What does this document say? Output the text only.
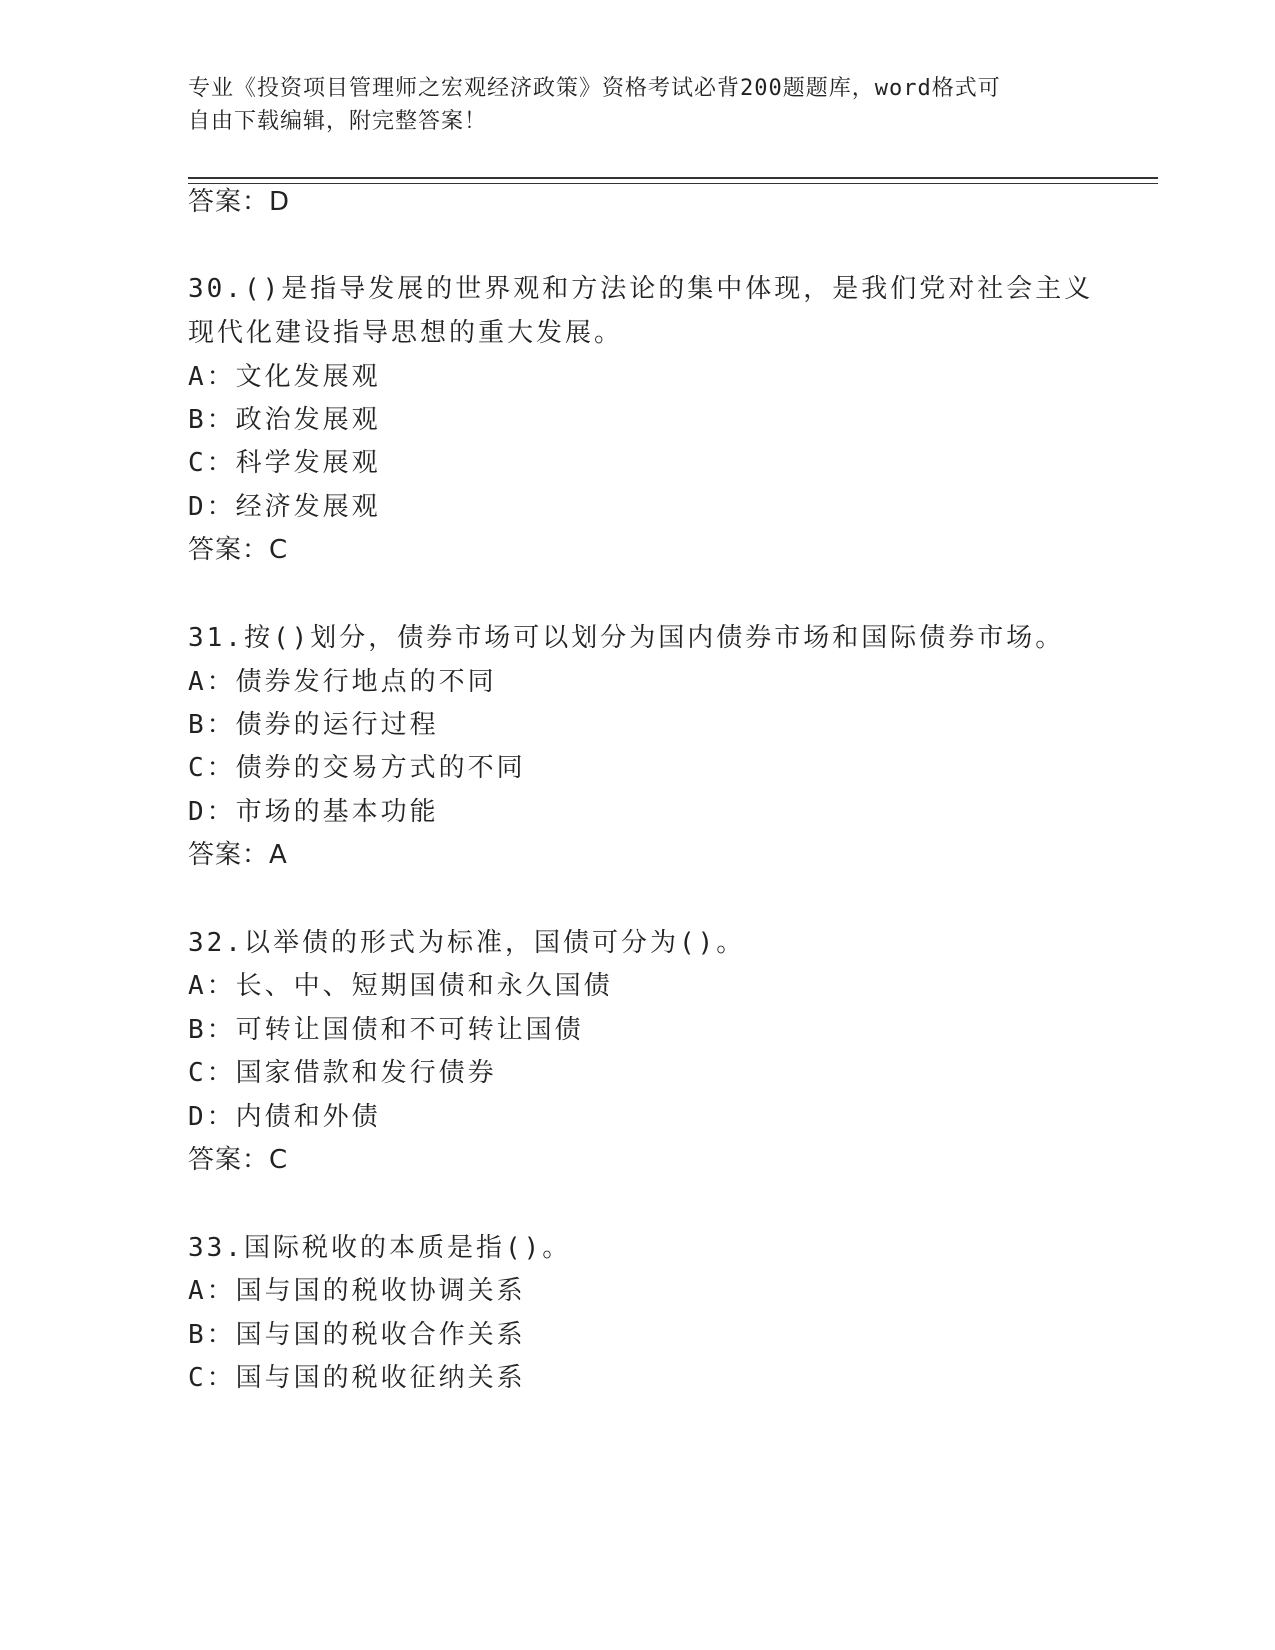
专业《投资项目管理师之宏观经济政策》资格考试必背200题题库，word格式可
自由下载编辑，附完整答案！
答案：D
30.()是指导发展的世界观和方法论的集中体现，是我们党对社会主义
现代化建设指导思想的重大发展。
A：文化发展观
B：政治发展观
C：科学发展观
D：经济发展观
答案：C
31.按()划分，债券市场可以划分为国内债券市场和国际债券市场。
A：债券发行地点的不同
B：债券的运行过程
C：债券的交易方式的不同
D：市场的基本功能
答案：A
32.以举债的形式为标准，国债可分为()。
A：长、中、短期国债和永久国债
B：可转让国债和不可转让国债
C：国家借款和发行债券
D：内债和外债
答案：C
33.国际税收的本质是指()。
A：国与国的税收协调关系
B：国与国的税收合作关系
C：国与国的税收征纳关系
